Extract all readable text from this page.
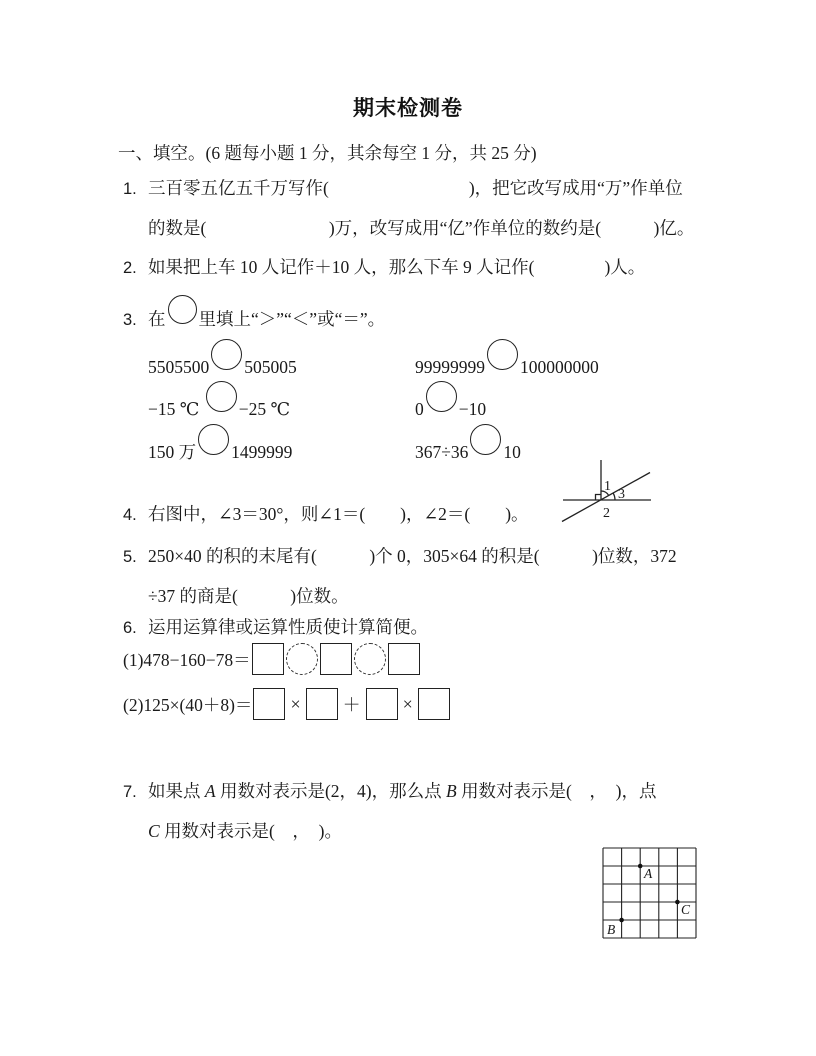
期末检测卷
一、填空。(6 题每小题 1 分，其余每空 1 分，共 25 分)
1. 三百零五亿五千万写作(　　　　　　　　)，把它改写成用“万”作单位
的数是(　　　　　　　)万，改写成用“亿”作单位的数约是(　　　)亿。
2. 如果把上车 10 人记作＋10 人，那么下车 9 人记作(　　　　)人。
3. 在 里填上“＞”“＜”或“＝”。
5505500 505005	99999999 100000000
−15 ℃ −25 ℃	0 −10
150 万 1499999	367÷36 10
4. 右图中，∠3＝30°，则∠1＝(　　)，∠2＝(　　)。
1
2
3
5. 250×40 的积的末尾有(　　　)个 0，305×64 的积是(　　　)位数，372
÷37 的商是(　　　)位数。
6. 运用运算律或运算性质使计算简便。
(1)478−160−78＝
(2)125×(40＋8)＝ × ＋ ×
7. 如果点 A 用数对表示是(2，4)，那么点 B 用数对表示是(　，　)，点
C 用数对表示是(　，　)。
A
B
C
